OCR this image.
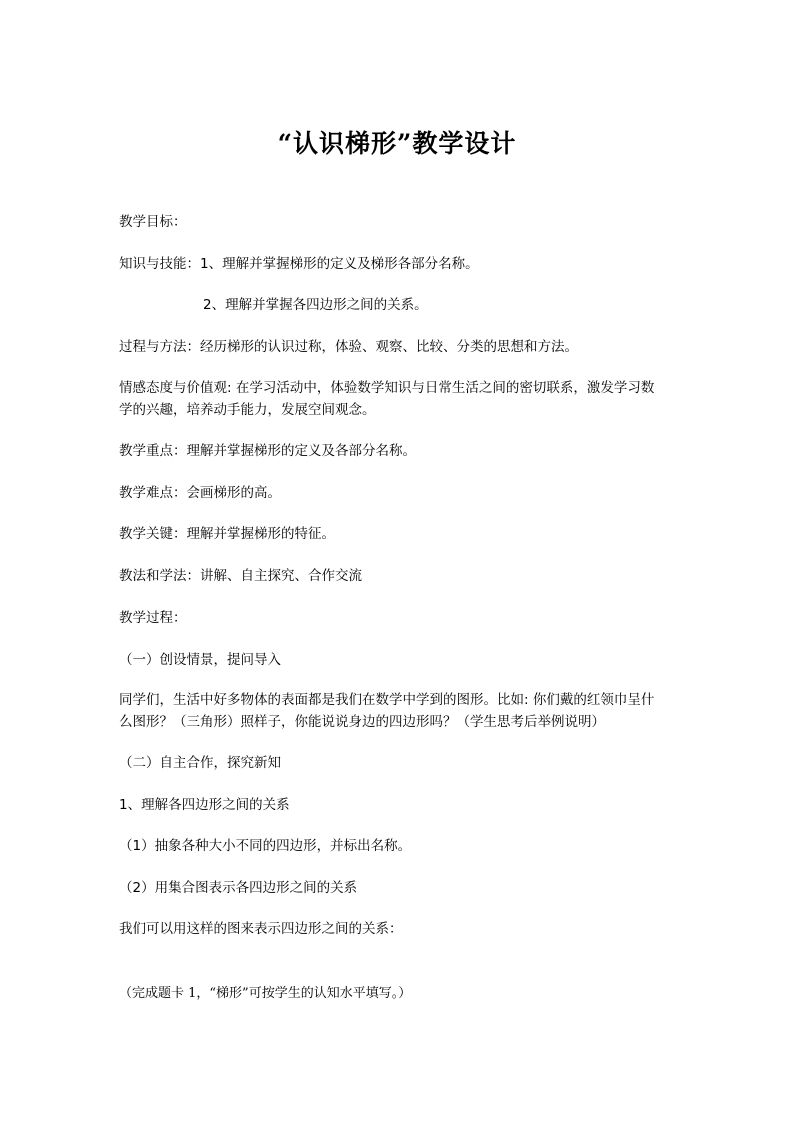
“认识梯形”教学设计
教学目标：
知识与技能：1、理解并掌握梯形的定义及梯形各部分名称。
2、理解并掌握各四边形之间的关系。
过程与方法：经历梯形的认识过称，体验、观察、比较、分类的思想和方法。
情感态度与价值观: 在学习活动中，体验数学知识与日常生活之间的密切联系，激发学习数
学的兴趣，培养动手能力，发展空间观念。
教学重点：理解并掌握梯形的定义及各部分名称。
教学难点：会画梯形的高。
教学关键：理解并掌握梯形的特征。
教法和学法：讲解、自主探究、合作交流
教学过程：
（一）创设情景，提问导入
同学们，生活中好多物体的表面都是我们在数学中学到的图形。比如: 你们戴的红领巾呈什
么图形？（三角形）照样子，你能说说身边的四边形吗？（学生思考后举例说明）
（二）自主合作，探究新知
1、理解各四边形之间的关系
（1）抽象各种大小不同的四边形，并标出名称。
（2）用集合图表示各四边形之间的关系
我们可以用这样的图来表示四边形之间的关系：
（完成题卡 1，“梯形”可按学生的认知水平填写。）
